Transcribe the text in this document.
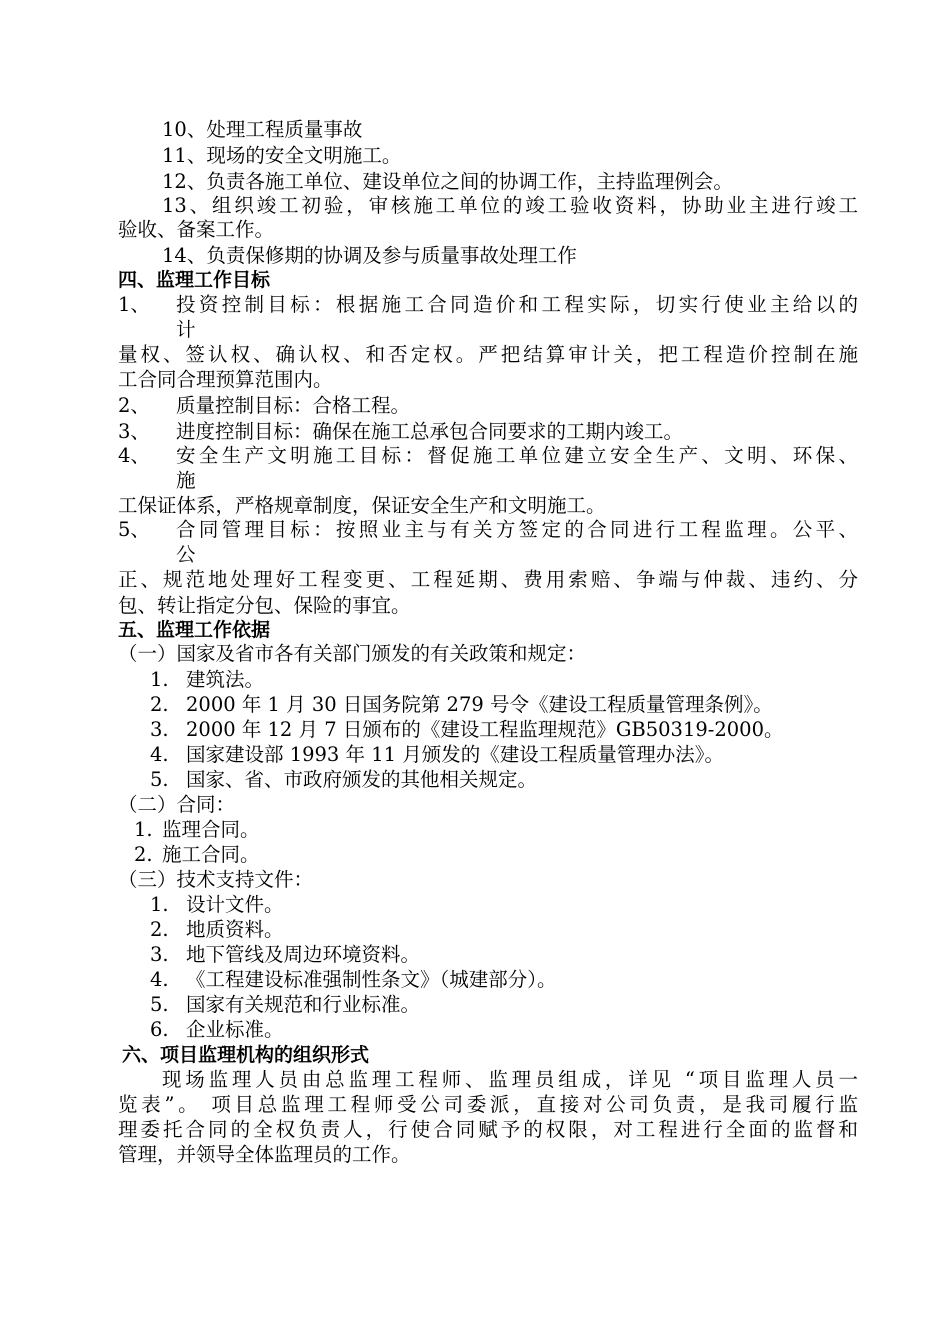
10、处理工程质量事故
11、现场的安全文明施工。
12、负责各施工单位、建设单位之间的协调工作，主持监理例会。
13、组织竣工初验，审核施工单位的竣工验收资料，协助业主进行竣工
验收、备案工作。
14、负责保修期的协调及参与质量事故处理工作
四、监理工作目标
1、 投资控制目标：根据施工合同造价和工程实际，切实行使业主给以的
计
量权、签认权、确认权、和否定权。严把结算审计关，把工程造价控制在施
工合同合理预算范围内。
2、 质量控制目标：合格工程。
3、 进度控制目标：确保在施工总承包合同要求的工期内竣工。
4、 安全生产文明施工目标：督促施工单位建立安全生产、文明、环保、
施
工保证体系，严格规章制度，保证安全生产和文明施工。
5、 合同管理目标：按照业主与有关方签定的合同进行工程监理。公平、
公
正、规范地处理好工程变更、工程延期、费用索赔、争端与仲裁、违约、分
包、转让指定分包、保险的事宜。
五、监理工作依据
（一）国家及省市各有关部门颁发的有关政策和规定：
1. 建筑法。
2. 2000 年 1 月 30 日国务院第 279 号令《建设工程质量管理条例》。
3. 2000 年 12 月 7 日颁布的《建设工程监理规范》GB50319-2000。
4. 国家建设部 1993 年 11 月颁发的《建设工程质量管理办法》。
5. 国家、省、市政府颁发的其他相关规定。
（二）合同：
1. 监理合同。
2. 施工合同。
（三）技术支持文件：
1. 设计文件。
2. 地质资料。
3. 地下管线及周边环境资料。
4. 《工程建设标准强制性条文》（城建部分）。
5. 国家有关规范和行业标准。
6. 企业标准。
六、项目监理机构的组织形式
现场监理人员由总监理工程师、监理员组成，详见 “项目监理人员一
览表”。 项目总监理工程师受公司委派，直接对公司负责，是我司履行监
理委托合同的全权负责人，行使合同赋予的权限，对工程进行全面的监督和
管理，并领导全体监理员的工作。
